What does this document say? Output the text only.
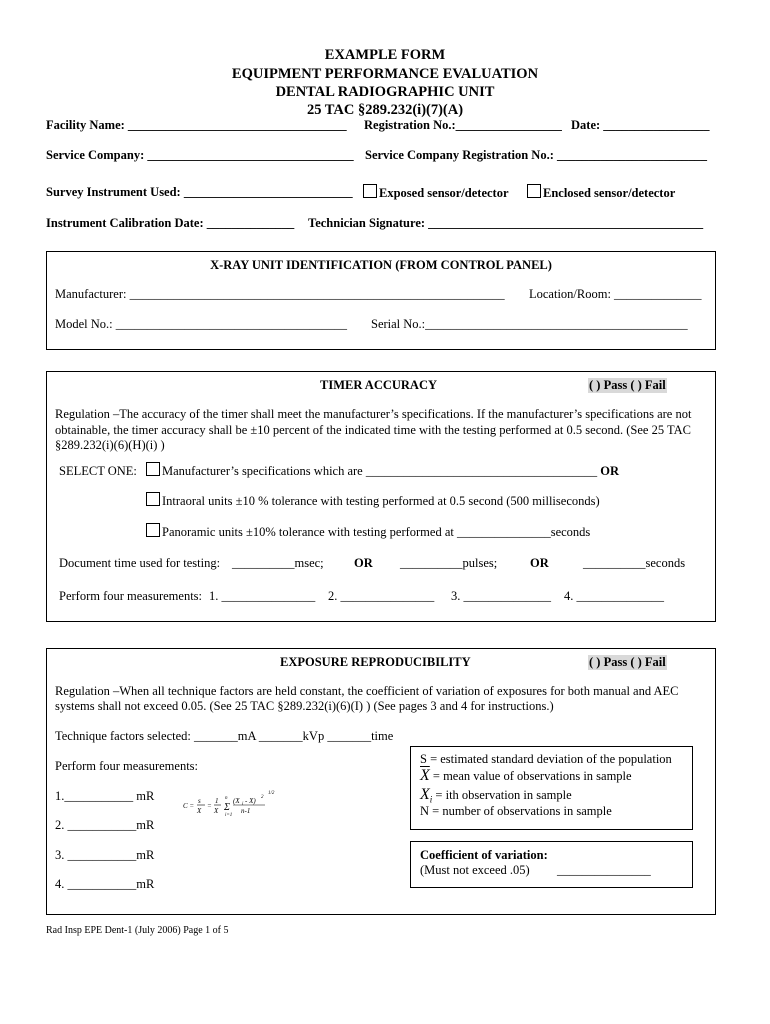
EXAMPLE FORM
EQUIPMENT PERFORMANCE EVALUATION
DENTAL RADIOGRAPHIC UNIT
25 TAC §289.232(i)(7)(A)
Facility Name: ___________________________________ Registration No.:_________________ Date: _________________
Service Company: _________________________________ Service Company Registration No.: ________________________
Survey Instrument Used: ___________________________	Exposed sensor/detector	Enclosed sensor/detector
Instrument Calibration Date: ______________ Technician Signature: ____________________________________________
X-RAY UNIT IDENTIFICATION (FROM CONTROL PANEL)
Manufacturer: ____________________________________________________________ Location/Room: ______________
Model No.: _____________________________________ Serial No.:__________________________________________
TIMER ACCURACY	( ) Pass ( ) Fail
Regulation –The accuracy of the timer shall meet the manufacturer’s specifications. If the manufacturer’s specifications are not
obtainable, the timer accuracy shall be ±10 percent of the indicated time with the testing performed at 0.5 second. (See 25 TAC
§289.232(i)(6)(H)(i) )
SELECT ONE:	Manufacturer’s specifications which are _____________________________________ OR
Intraoral units ±10 % tolerance with testing performed at 0.5 second (500 milliseconds)
Panoramic units ±10% tolerance with testing performed at _______________seconds
Document time used for testing: __________msec; OR __________pulses;	OR	__________seconds
Perform four measurements: 1. _______________ 2. _______________ 3. ______________ 4. ______________
EXPOSURE REPRODUCIBILITY	( ) Pass ( ) Fail
Regulation –When all technique factors are held constant, the coefficient of variation of exposures for both manual and AEC
systems shall not exceed 0.05. (See 25 TAC §289.232(i)(6)(I) ) (See pages 3 and 4 for instructions.)
Technique factors selected: _______mA _______kVp _______time
Perform four measurements:
1.___________ mR
2. ___________mR
3. ___________mR
4. ___________mR
C =
s
X
=
1
X Σ
n
i=1
(X i - X) 2
n-1
1/2
S = estimated standard deviation of the population
$\overline{X}$ = mean value of observations in sample
$X_i$ = ith observation in sample
N = number of observations in sample
Coefficient of variation:
(Must not exceed .05) _______________
Rad Insp EPE Dent-1 (July 2006) Page 1 of 5
